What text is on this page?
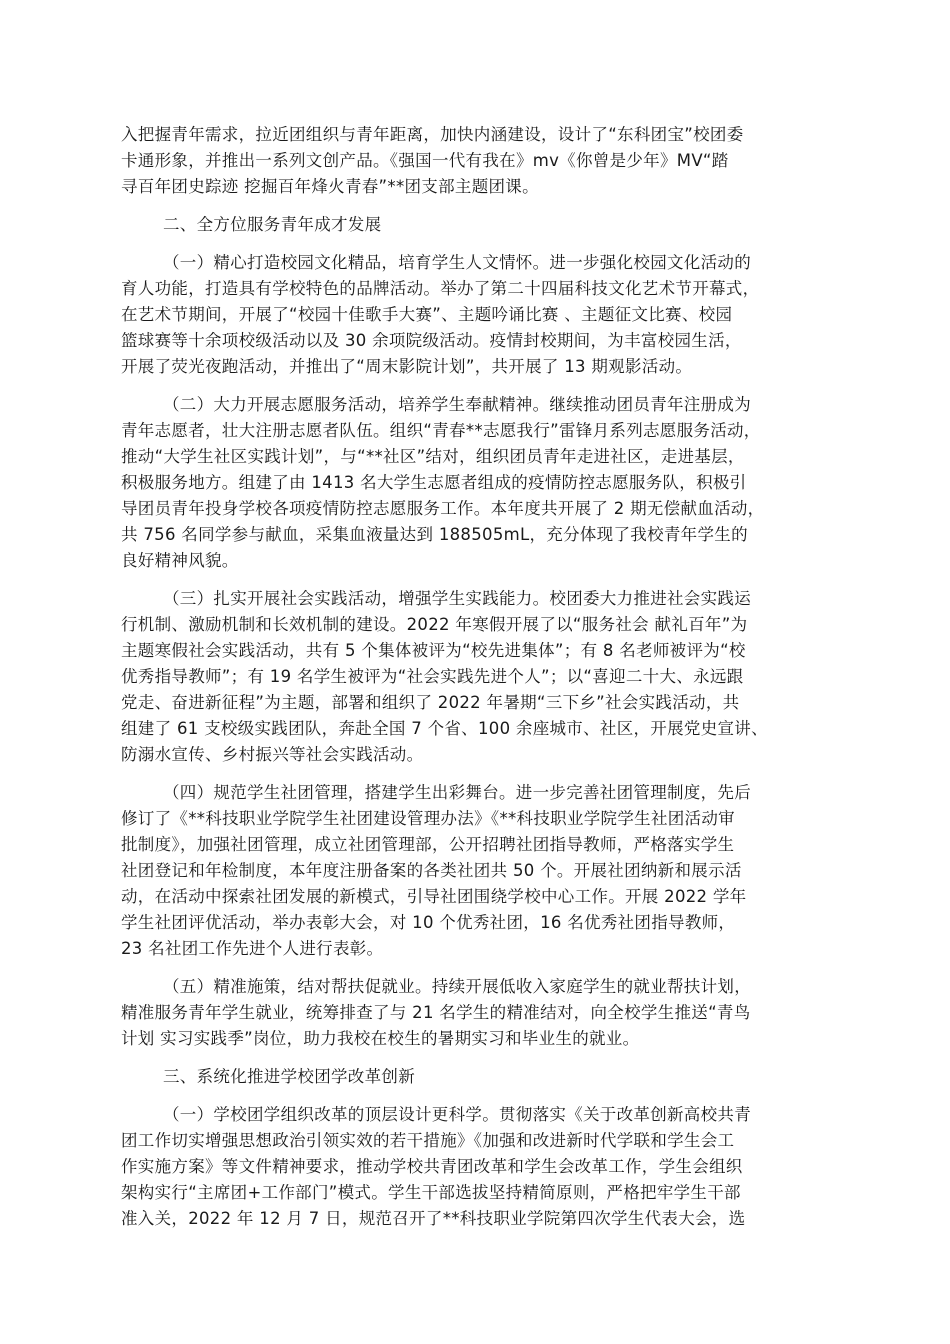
入把握青年需求，拉近团组织与青年距离，加快内涵建设，设计了“东科团宝”校团委
卡通形象，并推出一系列文创产品。《强国一代有我在》mv《你曾是少年》MV“踏
寻百年团史踪迹 挖掘百年烽火青春”**团支部主题团课。

二、全方位服务青年成才发展

（一）精心打造校园文化精品，培育学生人文情怀。进一步强化校园文化活动的
育人功能，打造具有学校特色的品牌活动。举办了第二十四届科技文化艺术节开幕式，
在艺术节期间，开展了“校园十佳歌手大赛”、主题吟诵比赛 、主题征文比赛、校园
篮球赛等十余项校级活动以及 30 余项院级活动。疫情封校期间，为丰富校园生活，
开展了荧光夜跑活动，并推出了“周末影院计划”，共开展了 13 期观影活动。

（二）大力开展志愿服务活动，培养学生奉献精神。继续推动团员青年注册成为
青年志愿者，壮大注册志愿者队伍。组织“青春**志愿我行”雷锋月系列志愿服务活动，
推动“大学生社区实践计划”，与“**社区”结对，组织团员青年走进社区，走进基层，
积极服务地方。组建了由 1413 名大学生志愿者组成的疫情防控志愿服务队，积极引
导团员青年投身学校各项疫情防控志愿服务工作。本年度共开展了 2 期无偿献血活动，
共 756 名同学参与献血，采集血液量达到 188505mL，充分体现了我校青年学生的
良好精神风貌。

（三）扎实开展社会实践活动，增强学生实践能力。校团委大力推进社会实践运
行机制、激励机制和长效机制的建设。2022 年寒假开展了以“服务社会 献礼百年”为
主题寒假社会实践活动，共有 5 个集体被评为“校先进集体”；有 8 名老师被评为“校
优秀指导教师”；有 19 名学生被评为“社会实践先进个人”；以“喜迎二十大、永远跟
党走、奋进新征程”为主题，部署和组织了 2022 年暑期“三下乡”社会实践活动，共
组建了 61 支校级实践团队，奔赴全国 7 个省、100 余座城市、社区，开展党史宣讲、
防溺水宣传、乡村振兴等社会实践活动。

（四）规范学生社团管理，搭建学生出彩舞台。进一步完善社团管理制度，先后
修订了《**科技职业学院学生社团建设管理办法》《**科技职业学院学生社团活动审
批制度》，加强社团管理，成立社团管理部，公开招聘社团指导教师，严格落实学生
社团登记和年检制度，本年度注册备案的各类社团共 50 个。开展社团纳新和展示活
动，在活动中探索社团发展的新模式，引导社团围绕学校中心工作。开展 2022 学年
学生社团评优活动，举办表彰大会，对 10 个优秀社团，16 名优秀社团指导教师，
23 名社团工作先进个人进行表彰。

（五）精准施策，结对帮扶促就业。持续开展低收入家庭学生的就业帮扶计划，
精准服务青年学生就业，统筹排查了与 21 名学生的精准结对，向全校学生推送“青鸟
计划 实习实践季”岗位，助力我校在校生的暑期实习和毕业生的就业。

三、系统化推进学校团学改革创新

（一）学校团学组织改革的顶层设计更科学。贯彻落实《关于改革创新高校共青
团工作切实增强思想政治引领实效的若干措施》《加强和改进新时代学联和学生会工
作实施方案》等文件精神要求，推动学校共青团改革和学生会改革工作，学生会组织
架构实行“主席团+工作部门”模式。学生干部选拔坚持精简原则，严格把牢学生干部
准入关，2022 年 12 月 7 日，规范召开了**科技职业学院第四次学生代表大会，选
